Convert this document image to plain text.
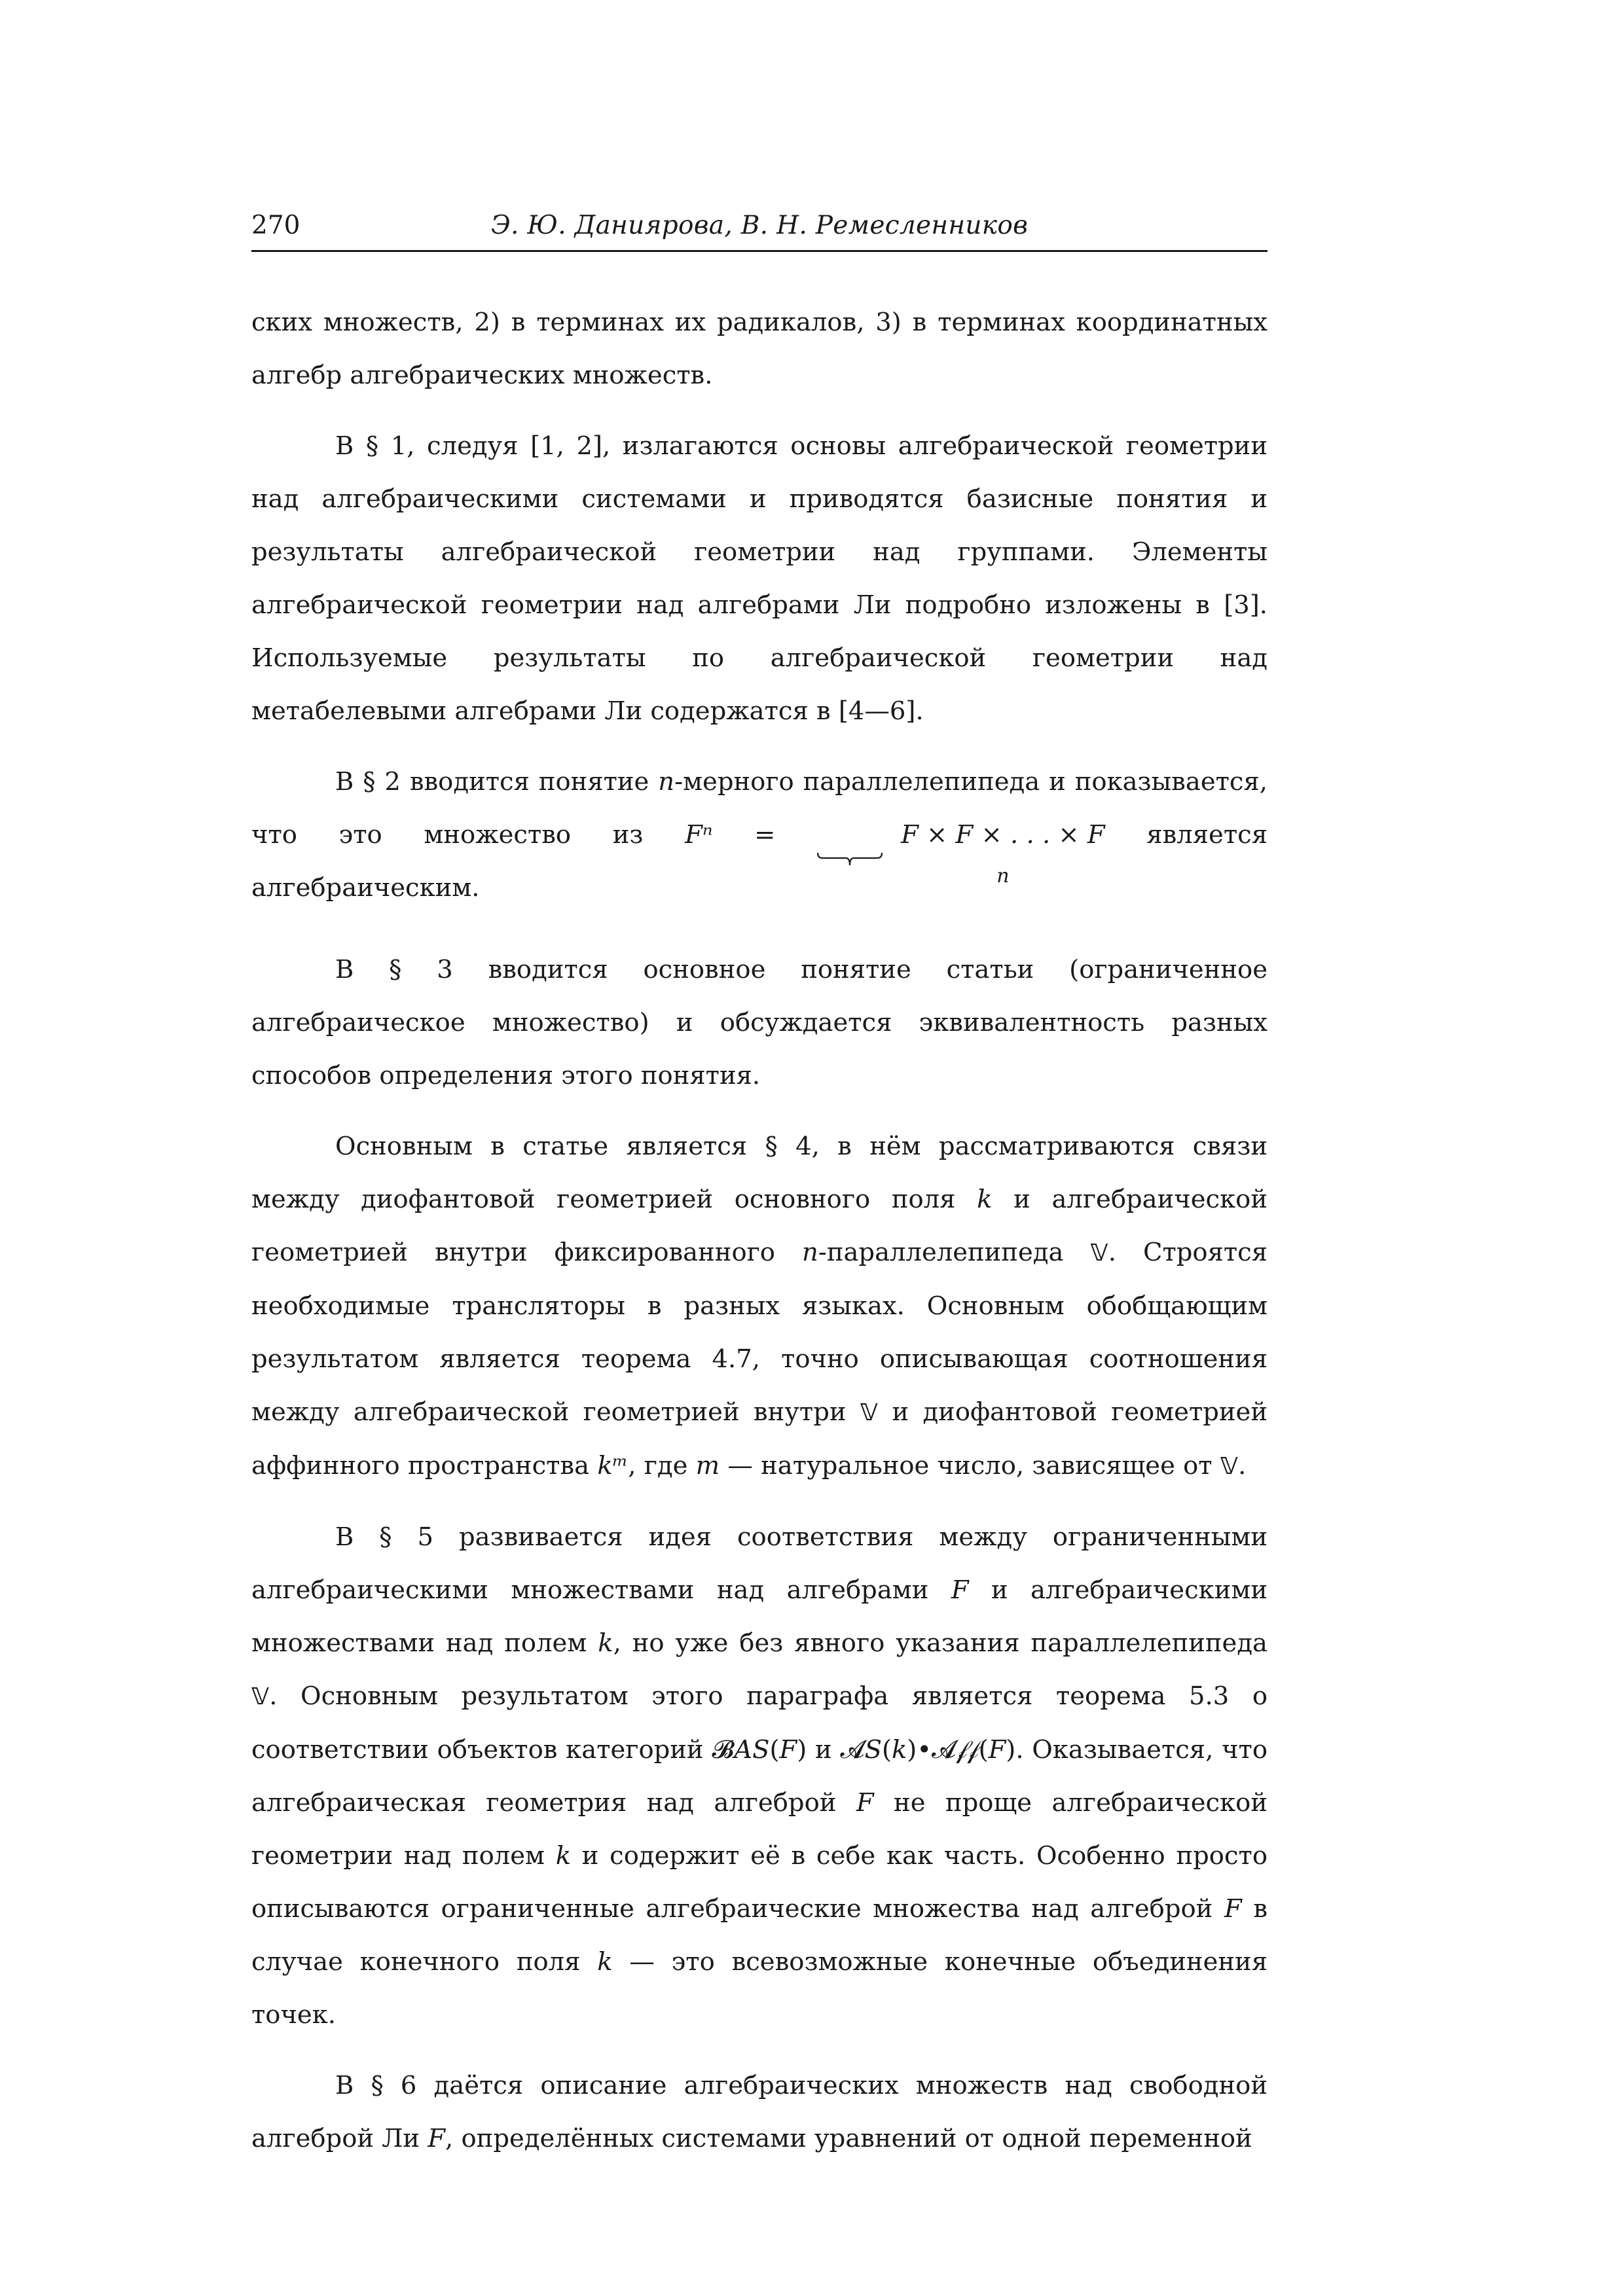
270	Э. Ю. Даниярова, В. Н. Ремесленников

ских множеств, 2) в терминах их радикалов, 3) в терминах координатных алгебр алгебраических множеств.

В § 1, следуя [1, 2], излагаются основы алгебраической геометрии над алгебраическими системами и приводятся базисные понятия и результаты алгебраической геометрии над группами. Элементы алгебраической геометрии над алгебрами Ли подробно изложены в [3]. Используемые результаты по алгебраической геометрии над метабелевыми алгебрами Ли содержатся в [4—6].

В § 2 вводится понятие n-мерного параллелепипеда и показывается, что это множество из Fⁿ =	F × F × . . . × F
n
является алгебраическим.

В § 3 вводится основное понятие статьи (ограниченное алгебраическое множество) и обсуждается эквивалентность разных способов определения этого понятия.

Основным в статье является § 4, в нём рассматриваются связи между диофантовой геометрией основного поля k и алгебраической геометрией внутри фиксированного n-параллелепипеда 𝕍. Строятся необходимые трансляторы в разных языках. Основным обобщающим результатом является теорема 4.7, точно описывающая соотношения между алгебраической геометрией внутри 𝕍 и диофантовой геометрией аффинного пространства kᵐ, где m — натуральное число, зависящее от 𝕍.

В § 5 развивается идея соответствия между ограниченными алгебраическими множествами над алгебрами F и алгебраическими множествами над полем k, но уже без явного указания параллелепипеда 𝕍. Основным результатом этого параграфа является теорема 5.3 о соответствии объектов категорий 𝓑𝐴𝑆(𝐹) и 𝓐𝑆(𝑘)•𝓐𝒻𝒻(𝐹). Оказывается, что алгебраическая геометрия над алгеброй F не проще алгебраической геометрии над полем k и содержит её в себе как часть. Особенно просто описываются ограниченные алгебраические множества над алгеброй F в случае конечного поля k — это всевозможные конечные объединения точек.

В § 6 даётся описание алгебраических множеств над свободной алгеброй Ли F, определённых системами уравнений от одной переменной
